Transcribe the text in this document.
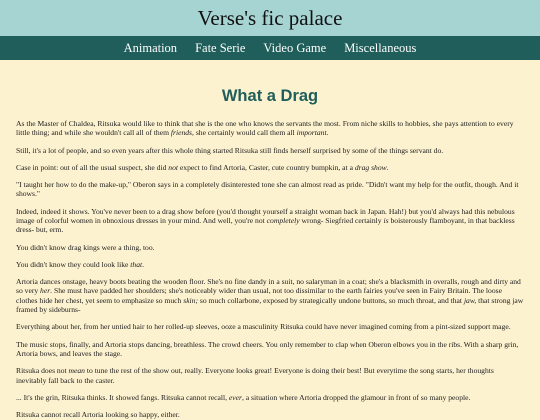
Verse's fic palace
Animation Fate Serie Video Game Miscellaneous
What a Drag

As the Master of Chaldea, Ritsuka would like to think that she is the one who knows the servants the most. From niche skills to hobbies, she pays attention to every little thing; and while she wouldn't call all of them friends, she certainly would call them all important.

Still, it's a lot of people, and so even years after this whole thing started Ritsuka still finds herself surprised by some of the things servant do.

Case in point: out of all the usual suspect, she did not expect to find Artoria, Caster, cute country bumpkin, at a drag show.

"I taught her how to do the make-up," Oberon says in a completely disinterested tone she can almost read as pride. "Didn't want my help for the outfit, though. And it shows."

Indeed, indeed it shows. You've never been to a drag show before (you'd thought yourself a straight woman back in Japan. Hah!) but you'd always had this nebulous image of colorful women in obnoxious dresses in your mind. And well, you're not completely wrong- Siegfried certainly is boisterously flamboyant, in that backless dress- but, erm.

You didn't know drag kings were a thing, too.

You didn't know they could look like that.

Artoria dances onstage, heavy boots beating the wooden floor. She's no fine dandy in a suit, no salaryman in a coat; she's a blacksmith in overalls, rough and dirty and so very her. She must have padded her shoulders; she's noticeably wider than usual, not too dissimilar to the earth fairies you've seen in Fairy Britain. The loose clothes hide her chest, yet seem to emphasize so much skin; so much collarbone, exposed by strategically undone buttons, so much throat, and that jaw, that strong jaw framed by sideburns-

Everything about her, from her untied hair to her rolled-up sleeves, ooze a masculinity Ritsuka could have never imagined coming from a pint-sized support mage.

The music stops, finally, and Artoria stops dancing, breathless. The crowd cheers. You only remember to clap when Oberon elbows you in the ribs. With a sharp grin, Artoria bows, and leaves the stage.

Ritsuka does not mean to tune the rest of the show out, really. Everyone looks great! Everyone is doing their best! But everytime the song starts, her thoughts inevitably fall back to the caster.

... It's the grin, Ritsuka thinks. It showed fangs. Ritsuka cannot recall, ever, a situation where Artoria dropped the glamour in front of so many people.

Ritsuka cannot recall Artoria looking so happy, either.
